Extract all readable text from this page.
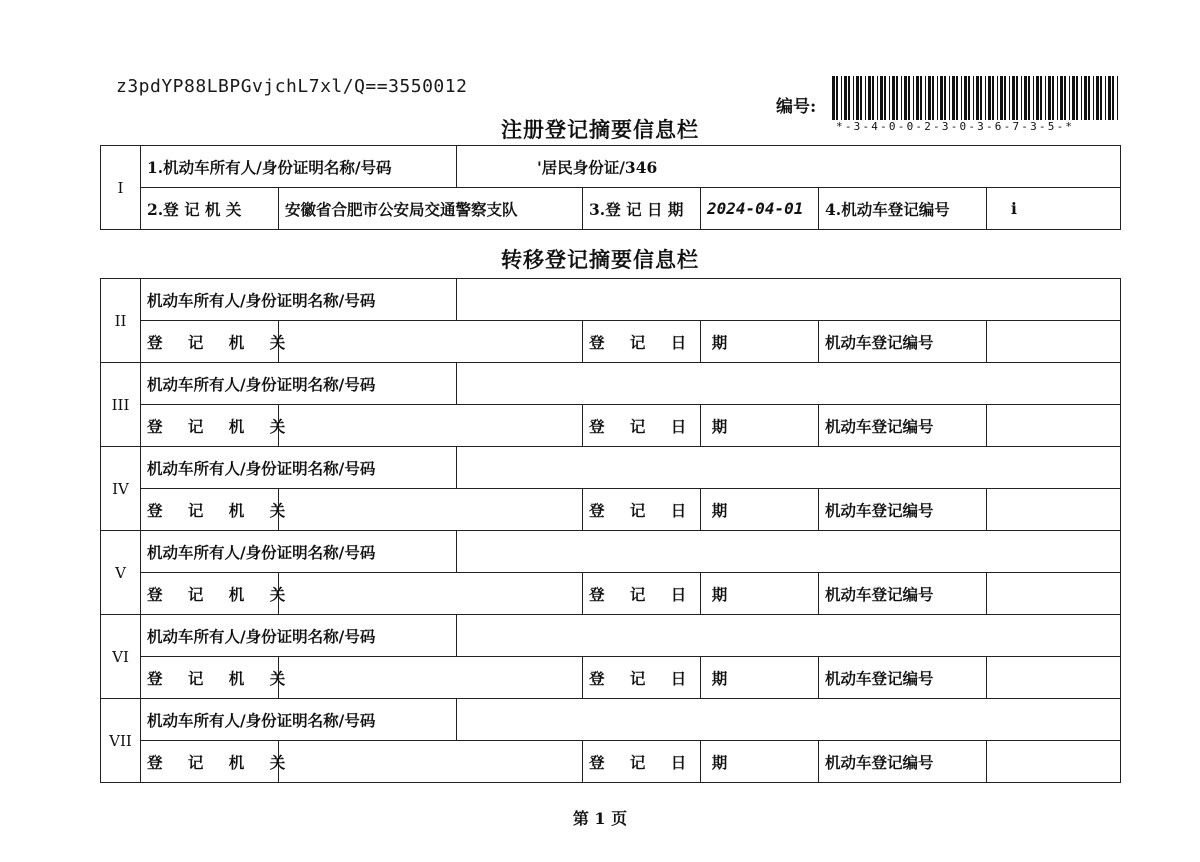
z3pdYP88LBPGvjchL7xl/Q==3550012
编号:
*-3-4-0-0-2-3-0-3-6-7-3-5-*
注册登记摘要信息栏
I	1.机动车所有人/身份证明名称/号码		'居民身份证/346				
	2.登 记 机 关	安徽省合肥市公安局交通警察支队		3.登 记 日 期	2024-04-01	4.机动车登记编号	i
转移登记摘要信息栏
II	机动车所有人/身份证明名称/号码						
	登 记 机 关			登 记 日 期		机动车登记编号	
III	机动车所有人/身份证明名称/号码						
	登 记 机 关			登 记 日 期		机动车登记编号	
IV	机动车所有人/身份证明名称/号码						
	登 记 机 关			登 记 日 期		机动车登记编号	
V	机动车所有人/身份证明名称/号码						
	登 记 机 关			登 记 日 期		机动车登记编号	
VI	机动车所有人/身份证明名称/号码						
	登 记 机 关			登 记 日 期		机动车登记编号	
VII	机动车所有人/身份证明名称/号码						
	登 记 机 关			登 记 日 期		机动车登记编号	
第 1 页
